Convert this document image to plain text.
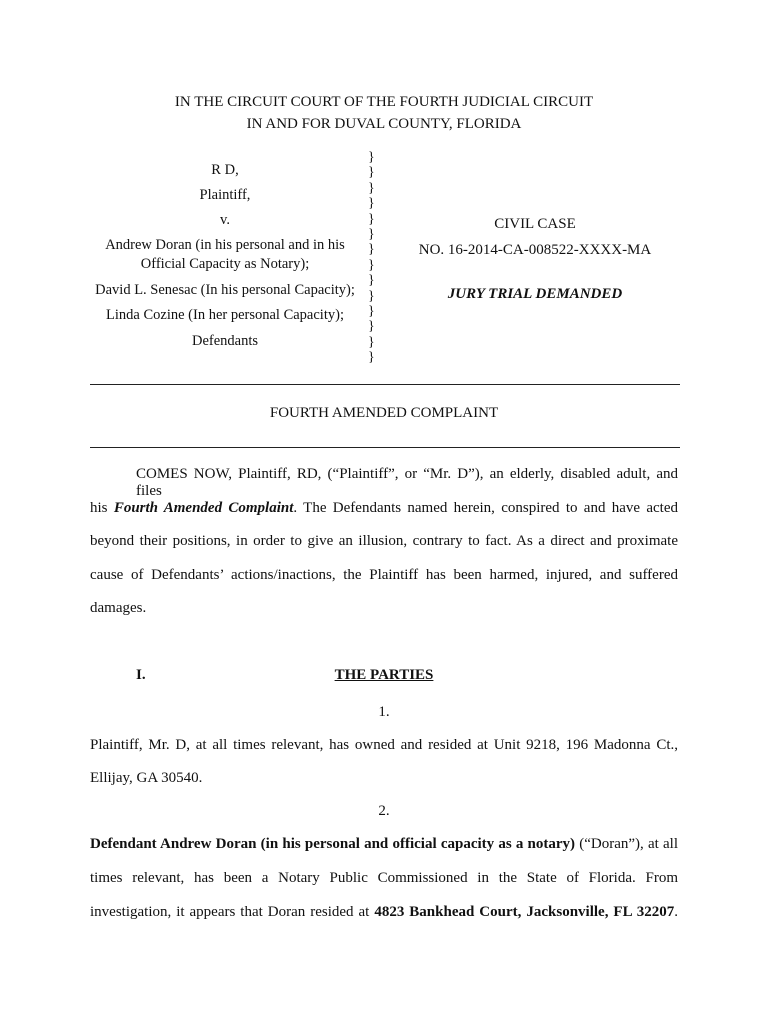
IN THE CIRCUIT COURT OF THE FOURTH JUDICIAL CIRCUIT
IN AND FOR DUVAL COUNTY, FLORIDA
R D,
Plaintiff,
v.
Andrew Doran (in his personal and in his
Official Capacity as Notary);
David L. Senesac (In his personal Capacity);
Linda Cozine (In her personal Capacity);
Defendants
}
}
}
}
}
}
}
}
}
}
}
}
}
}
CIVIL CASE
NO. 16-2014-CA-008522-XXXX-MA
JURY TRIAL DEMANDED
FOURTH AMENDED COMPLAINT
COMES NOW, Plaintiff, RD, (“Plaintiff”, or “Mr. D”), an elderly, disabled adult, and files
his Fourth Amended Complaint. The Defendants named herein, conspired to and have acted
beyond their positions, in order to give an illusion, contrary to fact. As a direct and proximate
cause of Defendants’ actions/inactions, the Plaintiff has been harmed, injured, and suffered
damages.
I.	THE PARTIES
1.
Plaintiff, Mr. D, at all times relevant, has owned and resided at Unit 9218, 196 Madonna Ct.,
Ellijay, GA 30540.
2.
Defendant Andrew Doran (in his personal and official capacity as a notary) (“Doran”), at all
times relevant, has been a Notary Public Commissioned in the State of Florida. From
investigation, it appears that Doran resided at 4823 Bankhead Court, Jacksonville, FL 32207.
